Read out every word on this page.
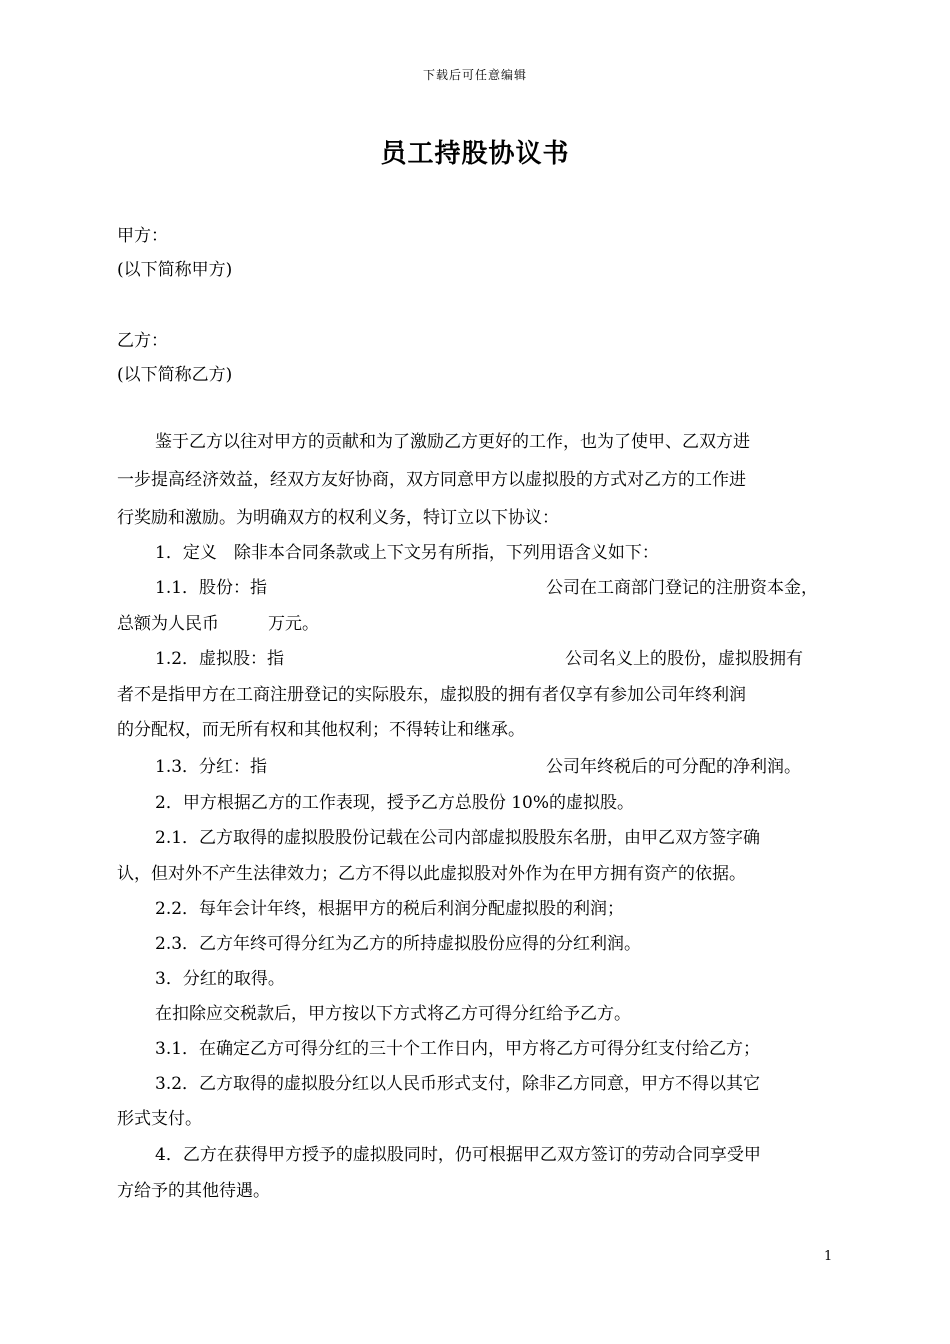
下载后可任意编辑
员工持股协议书
甲方：
(以下简称甲方)
乙方：
(以下简称乙方)
鉴于乙方以往对甲方的贡献和为了激励乙方更好的工作，也为了使甲、乙双方进
一步提高经济效益，经双方友好协商，双方同意甲方以虚拟股的方式对乙方的工作进
行奖励和激励。为明确双方的权利义务，特订立以下协议：
1．定义　除非本合同条款或上下文另有所指，下列用语含义如下：
1.1．股份：指	公司在工商部门登记的注册资本金，
总额为人民币	万元。
1.2．虚拟股：指	公司名义上的股份，虚拟股拥有
者不是指甲方在工商注册登记的实际股东，虚拟股的拥有者仅享有参加公司年终利润
的分配权，而无所有权和其他权利；不得转让和继承。
1.3．分红：指	公司年终税后的可分配的净利润。
2．甲方根据乙方的工作表现，授予乙方总股份 10%的虚拟股。
2.1．乙方取得的虚拟股股份记载在公司内部虚拟股股东名册，由甲乙双方签字确
认，但对外不产生法律效力；乙方不得以此虚拟股对外作为在甲方拥有资产的依据。
2.2．每年会计年终，根据甲方的税后利润分配虚拟股的利润；
2.3．乙方年终可得分红为乙方的所持虚拟股份应得的分红利润。
3．分红的取得。
在扣除应交税款后，甲方按以下方式将乙方可得分红给予乙方。
3.1．在确定乙方可得分红的三十个工作日内，甲方将乙方可得分红支付给乙方；
3.2．乙方取得的虚拟股分红以人民币形式支付，除非乙方同意，甲方不得以其它
形式支付。
4．乙方在获得甲方授予的虚拟股同时，仍可根据甲乙双方签订的劳动合同享受甲
方给予的其他待遇。
1
